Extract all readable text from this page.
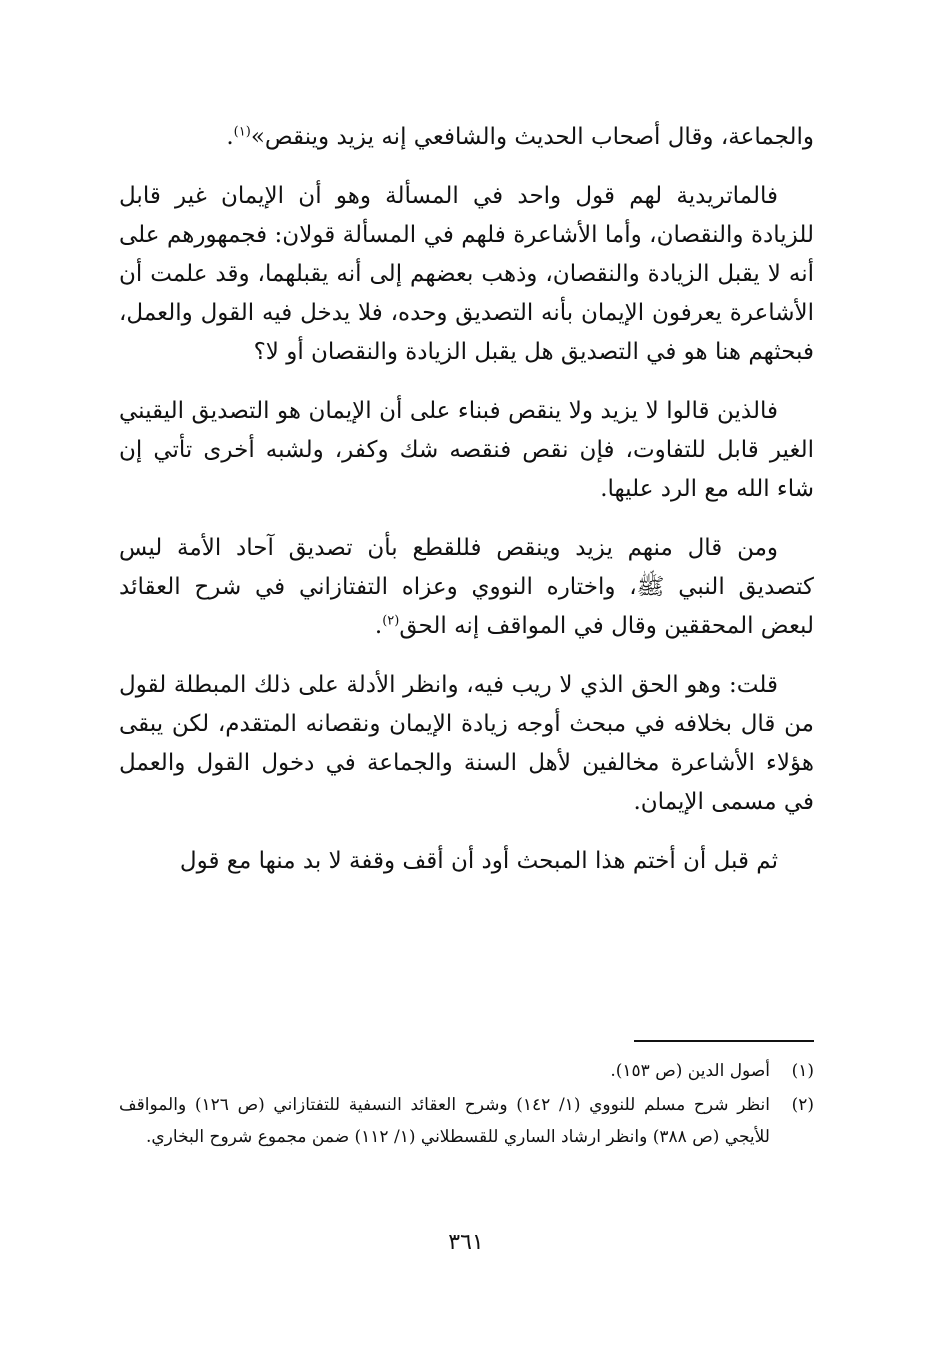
والجماعة، وقال أصحاب الحديث والشافعي إنه يزيد وينقص»$^{(١)}$.

فالماتريدية لهم قول واحد في المسألة وهو أن الإيمان غير قابل للزيادة والنقصان، وأما الأشاعرة فلهم في المسألة قولان: فجمهورهم على أنه لا يقبل الزيادة والنقصان، وذهب بعضهم إلى أنه يقبلهما، وقد علمت أن الأشاعرة يعرفون الإيمان بأنه التصديق وحده، فلا يدخل فيه القول والعمل، فبحثهم هنا هو في التصديق هل يقبل الزيادة والنقصان أو لا؟

فالذين قالوا لا يزيد ولا ينقص فبناء على أن الإيمان هو التصديق اليقيني الغير قابل للتفاوت، فإن نقص فنقصه شك وكفر، ولشبه أخرى تأتي إن شاء الله مع الرد عليها.

ومن قال منهم يزيد وينقص فللقطع بأن تصديق آحاد الأمة ليس كتصديق النبي ﷺ، واختاره النووي وعزاه التفتازاني في شرح العقائد لبعض المحققين وقال في المواقف إنه الحق$^{(٢)}$.

قلت: وهو الحق الذي لا ريب فيه، وانظر الأدلة على ذلك المبطلة لقول من قال بخلافه في مبحث أوجه زيادة الإيمان ونقصانه المتقدم، لكن يبقى هؤلاء الأشاعرة مخالفين لأهل السنة والجماعة في دخول القول والعمل في مسمى الإيمان.

ثم قبل أن أختم هذا المبحث أود أن أقف وقفة لا بد منها مع قول

(١)
أصول الدين (ص ١٥٣).
(٢)
انظر شرح مسلم للنووي (١/ ١٤٢) وشرح العقائد النسفية للتفتازاني (ص ١٢٦) والمواقف للأيجي (ص ٣٨٨) وانظر ارشاد الساري للقسطلاني (١/ ١١٢) ضمن مجموع شروح البخاري.
٣٦١
